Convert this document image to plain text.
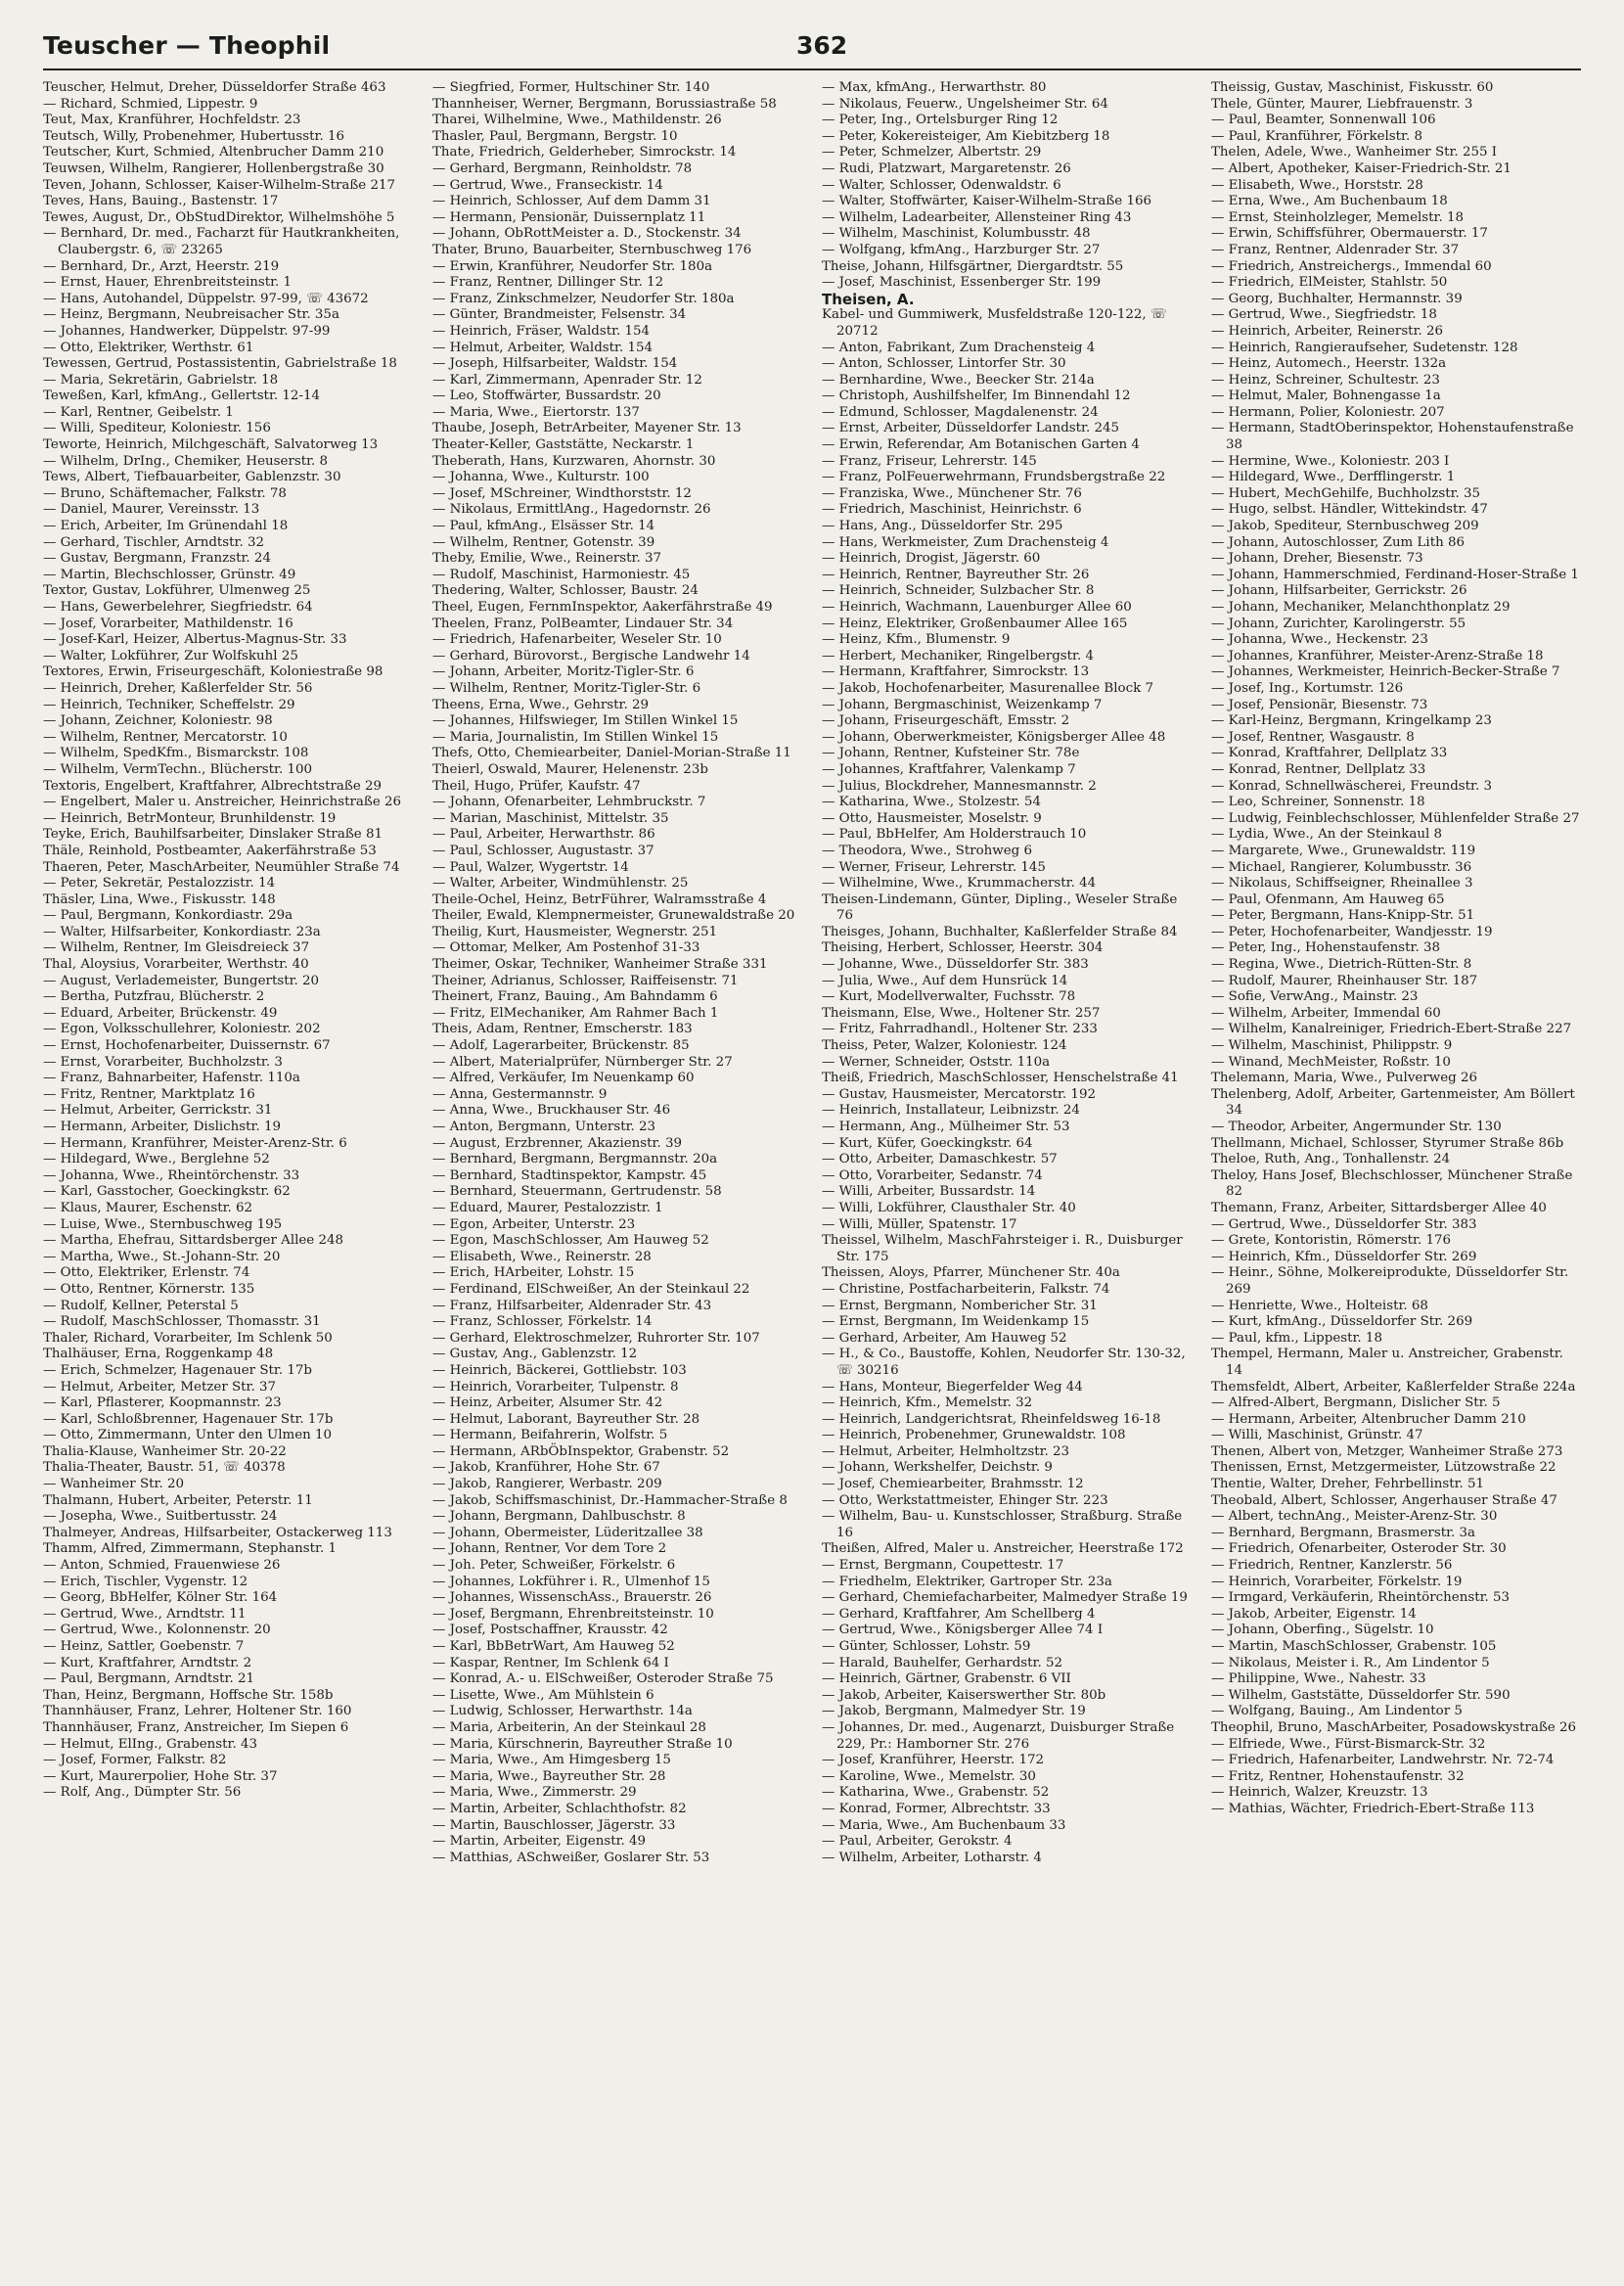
Teuscher — Theophil	362

Teuscher, Helmut, Dreher, Düsseldorfer Straße 463

— Richard, Schmied, Lippestr. 9

Teut, Max, Kranführer, Hochfeldstr. 23

Teutsch, Willy, Probenehmer, Hubertusstr. 16

Teutscher, Kurt, Schmied, Altenbrucher Damm 210

Teuwsen, Wilhelm, Rangierer, Hollenbergstraße 30

Teven, Johann, Schlosser, Kaiser-Wilhelm-Straße 217

Teves, Hans, Bauing., Bastenstr. 17

Tewes, August, Dr., ObStudDirektor, Wilhelmshöhe 5

— Bernhard, Dr. med., Facharzt für Hautkrankheiten, Claubergstr. 6, ☏ 23265

— Bernhard, Dr., Arzt, Heerstr. 219

— Ernst, Hauer, Ehrenbreitsteinstr. 1

— Hans, Autohandel, Düppelstr. 97-99, ☏ 43672

— Heinz, Bergmann, Neubreisacher Str. 35a

— Johannes, Handwerker, Düppelstr. 97-99

— Otto, Elektriker, Werthstr. 61

Tewessen, Gertrud, Postassistentin, Gabrielstraße 18

— Maria, Sekretärin, Gabrielstr. 18

Teweßen, Karl, kfmAng., Gellertstr. 12-14

— Karl, Rentner, Geibelstr. 1

— Willi, Spediteur, Koloniestr. 156

Teworte, Heinrich, Milchgeschäft, Salvatorweg 13

— Wilhelm, DrIng., Chemiker, Heuserstr. 8

Tews, Albert, Tiefbauarbeiter, Gablenzstr. 30

— Bruno, Schäftemacher, Falkstr. 78

— Daniel, Maurer, Vereinsstr. 13

— Erich, Arbeiter, Im Grünendahl 18

— Gerhard, Tischler, Arndtstr. 32

— Gustav, Bergmann, Franzstr. 24

— Martin, Blechschlosser, Grünstr. 49

Textor, Gustav, Lokführer, Ulmenweg 25

— Hans, Gewerbelehrer, Siegfriedstr. 64

— Josef, Vorarbeiter, Mathildenstr. 16

— Josef-Karl, Heizer, Albertus-Magnus-Str. 33

— Walter, Lokführer, Zur Wolfskuhl 25

Textores, Erwin, Friseurgeschäft, Koloniestraße 98

— Heinrich, Dreher, Kaßlerfelder Str. 56

— Heinrich, Techniker, Scheffelstr. 29

— Johann, Zeichner, Koloniestr. 98

— Wilhelm, Rentner, Mercatorstr. 10

— Wilhelm, SpedKfm., Bismarckstr. 108

— Wilhelm, VermTechn., Blücherstr. 100

Textoris, Engelbert, Kraftfahrer, Albrechtstraße 29

— Engelbert, Maler u. Anstreicher, Heinrichstraße 26

— Heinrich, BetrMonteur, Brunhildenstr. 19

Teyke, Erich, Bauhilfsarbeiter, Dinslaker Straße 81

Thäle, Reinhold, Postbeamter, Aakerfährstraße 53

Thaeren, Peter, MaschArbeiter, Neumühler Straße 74

— Peter, Sekretär, Pestalozzistr. 14

Thäsler, Lina, Wwe., Fiskusstr. 148

— Paul, Bergmann, Konkordiastr. 29a

— Walter, Hilfsarbeiter, Konkordiastr. 23a

— Wilhelm, Rentner, Im Gleisdreieck 37

Thal, Aloysius, Vorarbeiter, Werthstr. 40

— August, Verlademeister, Bungertstr. 20

— Bertha, Putzfrau, Blücherstr. 2

— Eduard, Arbeiter, Brückenstr. 49

— Egon, Volksschullehrer, Koloniestr. 202

— Ernst, Hochofenarbeiter, Duissernstr. 67

— Ernst, Vorarbeiter, Buchholzstr. 3

— Franz, Bahnarbeiter, Hafenstr. 110a

— Fritz, Rentner, Marktplatz 16

— Helmut, Arbeiter, Gerrickstr. 31

— Hermann, Arbeiter, Dislichstr. 19

— Hermann, Kranführer, Meister-Arenz-Str. 6

— Hildegard, Wwe., Berglehne 52

— Johanna, Wwe., Rheintörchenstr. 33

— Karl, Gasstocher, Goeckingkstr. 62

— Klaus, Maurer, Eschenstr. 62

— Luise, Wwe., Sternbuschweg 195

— Martha, Ehefrau, Sittardsberger Allee 248

— Martha, Wwe., St.-Johann-Str. 20

— Otto, Elektriker, Erlenstr. 74

— Otto, Rentner, Körnerstr. 135

— Rudolf, Kellner, Peterstal 5

— Rudolf, MaschSchlosser, Thomasstr. 31

Thaler, Richard, Vorarbeiter, Im Schlenk 50

Thalhäuser, Erna, Roggenkamp 48

— Erich, Schmelzer, Hagenauer Str. 17b

— Helmut, Arbeiter, Metzer Str. 37

— Karl, Pflasterer, Koopmannstr. 23

— Karl, Schloßbrenner, Hagenauer Str. 17b

— Otto, Zimmermann, Unter den Ulmen 10

Thalia-Klause, Wanheimer Str. 20-22

Thalia-Theater, Baustr. 51, ☏ 40378

— Wanheimer Str. 20

Thalmann, Hubert, Arbeiter, Peterstr. 11

— Josepha, Wwe., Suitbertusstr. 24

Thalmeyer, Andreas, Hilfsarbeiter, Ostackerweg 113

Thamm, Alfred, Zimmermann, Stephanstr. 1

— Anton, Schmied, Frauenwiese 26

— Erich, Tischler, Vygenstr. 12

— Georg, BbHelfer, Kölner Str. 164

— Gertrud, Wwe., Arndtstr. 11

— Gertrud, Wwe., Kolonnenstr. 20

— Heinz, Sattler, Goebenstr. 7

— Kurt, Kraftfahrer, Arndtstr. 2

— Paul, Bergmann, Arndtstr. 21

Than, Heinz, Bergmann, Hoffsche Str. 158b

Thannhäuser, Franz, Lehrer, Holtener Str. 160

Thannhäuser, Franz, Anstreicher, Im Siepen 6

— Helmut, ElIng., Grabenstr. 43

— Josef, Former, Falkstr. 82

— Kurt, Maurerpolier, Hohe Str. 37

— Rolf, Ang., Dümpter Str. 56

— Siegfried, Former, Hultschiner Str. 140

Thannheiser, Werner, Bergmann, Borussiastraße 58

Tharei, Wilhelmine, Wwe., Mathildenstr. 26

Thasler, Paul, Bergmann, Bergstr. 10

Thate, Friedrich, Gelderheber, Simrockstr. 14

— Gerhard, Bergmann, Reinholdstr. 78

— Gertrud, Wwe., Franseckistr. 14

— Heinrich, Schlosser, Auf dem Damm 31

— Hermann, Pensionär, Duissernplatz 11

— Johann, ObRottMeister a. D., Stockenstr. 34

Thater, Bruno, Bauarbeiter, Sternbuschweg 176

— Erwin, Kranführer, Neudorfer Str. 180a

— Franz, Rentner, Dillinger Str. 12

— Franz, Zinkschmelzer, Neudorfer Str. 180a

— Günter, Brandmeister, Felsenstr. 34

— Heinrich, Fräser, Waldstr. 154

— Helmut, Arbeiter, Waldstr. 154

— Joseph, Hilfsarbeiter, Waldstr. 154

— Karl, Zimmermann, Apenrader Str. 12

— Leo, Stoffwärter, Bussardstr. 20

— Maria, Wwe., Eiertorstr. 137

Thaube, Joseph, BetrArbeiter, Mayener Str. 13

Theater-Keller, Gaststätte, Neckarstr. 1

Theberath, Hans, Kurzwaren, Ahornstr. 30

— Johanna, Wwe., Kulturstr. 100

— Josef, MSchreiner, Windthorststr. 12

— Nikolaus, ErmittlAng., Hagedornstr. 26

— Paul, kfmAng., Elsässer Str. 14

— Wilhelm, Rentner, Gotenstr. 39

Theby, Emilie, Wwe., Reinerstr. 37

— Rudolf, Maschinist, Harmoniestr. 45

Thedering, Walter, Schlosser, Baustr. 24

Theel, Eugen, FernmInspektor, Aakerfährstraße 49

Theelen, Franz, PolBeamter, Lindauer Str. 34

— Friedrich, Hafenarbeiter, Weseler Str. 10

— Gerhard, Bürovorst., Bergische Landwehr 14

— Johann, Arbeiter, Moritz-Tigler-Str. 6

— Wilhelm, Rentner, Moritz-Tigler-Str. 6

Theens, Erna, Wwe., Gehrstr. 29

— Johannes, Hilfswieger, Im Stillen Winkel 15

— Maria, Journalistin, Im Stillen Winkel 15

Thefs, Otto, Chemiearbeiter, Daniel-Morian-Straße 11

Theierl, Oswald, Maurer, Helenenstr. 23b

Theil, Hugo, Prüfer, Kaufstr. 47

— Johann, Ofenarbeiter, Lehmbruckstr. 7

— Marian, Maschinist, Mittelstr. 35

— Paul, Arbeiter, Herwarthstr. 86

— Paul, Schlosser, Augustastr. 37

— Paul, Walzer, Wygertstr. 14

— Walter, Arbeiter, Windmühlenstr. 25

Theile-Ochel, Heinz, BetrFührer, Walramsstraße 4

Theiler, Ewald, Klempnermeister, Grunewaldstraße 20

Theilig, Kurt, Hausmeister, Wegnerstr. 251

— Ottomar, Melker, Am Postenhof 31-33

Theimer, Oskar, Techniker, Wanheimer Straße 331

Theiner, Adrianus, Schlosser, Raiffeisenstr. 71

Theinert, Franz, Bauing., Am Bahndamm 6

— Fritz, ElMechaniker, Am Rahmer Bach 1

Theis, Adam, Rentner, Emscherstr. 183

— Adolf, Lagerarbeiter, Brückenstr. 85

— Albert, Materialprüfer, Nürnberger Str. 27

— Alfred, Verkäufer, Im Neuenkamp 60

— Anna, Gestermannstr. 9

— Anna, Wwe., Bruckhauser Str. 46

— Anton, Bergmann, Unterstr. 23

— August, Erzbrenner, Akazienstr. 39

— Bernhard, Bergmann, Bergmannstr. 20a

— Bernhard, Stadtinspektor, Kampstr. 45

— Bernhard, Steuermann, Gertrudenstr. 58

— Eduard, Maurer, Pestalozzistr. 1

— Egon, Arbeiter, Unterstr. 23

— Egon, MaschSchlosser, Am Hauweg 52

— Elisabeth, Wwe., Reinerstr. 28

— Erich, HArbeiter, Lohstr. 15

— Ferdinand, ElSchweißer, An der Steinkaul 22

— Franz, Hilfsarbeiter, Aldenrader Str. 43

— Franz, Schlosser, Förkelstr. 14

— Gerhard, Elektroschmelzer, Ruhrorter Str. 107

— Gustav, Ang., Gablenzstr. 12

— Heinrich, Bäckerei, Gottliebstr. 103

— Heinrich, Vorarbeiter, Tulpenstr. 8

— Heinz, Arbeiter, Alsumer Str. 42

— Helmut, Laborant, Bayreuther Str. 28

— Hermann, Beifahrerin, Wolfstr. 5

— Hermann, ARbÖbInspektor, Grabenstr. 52

— Jakob, Kranführer, Hohe Str. 67

— Jakob, Rangierer, Werbastr. 209

— Jakob, Schiffsmaschinist, Dr.-Hammacher-Straße 8

— Johann, Bergmann, Dahlbuschstr. 8

— Johann, Obermeister, Lüderitzallee 38

— Johann, Rentner, Vor dem Tore 2

— Joh. Peter, Schweißer, Förkelstr. 6

— Johannes, Lokführer i. R., Ulmenhof 15

— Johannes, WissenschAss., Brauerstr. 26

— Josef, Bergmann, Ehrenbreitsteinstr. 10

— Josef, Postschaffner, Krausstr. 42

— Karl, BbBetrWart, Am Hauweg 52

— Kaspar, Rentner, Im Schlenk 64 I

— Konrad, A.- u. ElSchweißer, Osteroder Straße 75

— Lisette, Wwe., Am Mühlstein 6

— Ludwig, Schlosser, Herwarthstr. 14a

— Maria, Arbeiterin, An der Steinkaul 28

— Maria, Kürschnerin, Bayreuther Straße 10

— Maria, Wwe., Am Himgesberg 15

— Maria, Wwe., Bayreuther Str. 28

— Maria, Wwe., Zimmerstr. 29

— Martin, Arbeiter, Schlachthofstr. 82

— Martin, Bauschlosser, Jägerstr. 33

— Martin, Arbeiter, Eigenstr. 49

— Matthias, ASchweißer, Goslarer Str. 53

— Max, kfmAng., Herwarthstr. 80

— Nikolaus, Feuerw., Ungelsheimer Str. 64

— Peter, Ing., Ortelsburger Ring 12

— Peter, Kokereisteiger, Am Kiebitzberg 18

— Peter, Schmelzer, Albertstr. 29

— Rudi, Platzwart, Margaretenstr. 26

— Walter, Schlosser, Odenwaldstr. 6

— Walter, Stoffwärter, Kaiser-Wilhelm-Straße 166

— Wilhelm, Ladearbeiter, Allensteiner Ring 43

— Wilhelm, Maschinist, Kolumbusstr. 48

— Wolfgang, kfmAng., Harzburger Str. 27

Theise, Johann, Hilfsgärtner, Diergardtstr. 55

— Josef, Maschinist, Essenberger Str. 199

Theisen, A.

Kabel- und Gummiwerk, Musfeldstraße 120-122, ☏ 20712

— Anton, Fabrikant, Zum Drachensteig 4

— Anton, Schlosser, Lintorfer Str. 30

— Bernhardine, Wwe., Beecker Str. 214a

— Christoph, Aushilfshelfer, Im Binnendahl 12

— Edmund, Schlosser, Magdalenenstr. 24

— Ernst, Arbeiter, Düsseldorfer Landstr. 245

— Erwin, Referendar, Am Botanischen Garten 4

— Franz, Friseur, Lehrerstr. 145

— Franz, PolFeuerwehrmann, Frundsbergstraße 22

— Franziska, Wwe., Münchener Str. 76

— Friedrich, Maschinist, Heinrichstr. 6

— Hans, Ang., Düsseldorfer Str. 295

— Hans, Werkmeister, Zum Drachensteig 4

— Heinrich, Drogist, Jägerstr. 60

— Heinrich, Rentner, Bayreuther Str. 26

— Heinrich, Schneider, Sulzbacher Str. 8

— Heinrich, Wachmann, Lauenburger Allee 60

— Heinz, Elektriker, Großenbaumer Allee 165

— Heinz, Kfm., Blumenstr. 9

— Herbert, Mechaniker, Ringelbergstr. 4

— Hermann, Kraftfahrer, Simrockstr. 13

— Jakob, Hochofenarbeiter, Masurenallee Block 7

— Johann, Bergmaschinist, Weizenkamp 7

— Johann, Friseurgeschäft, Emsstr. 2

— Johann, Oberwerkmeister, Königsberger Allee 48

— Johann, Rentner, Kufsteiner Str. 78e

— Johannes, Kraftfahrer, Valenkamp 7

— Julius, Blockdreher, Mannesmannstr. 2

— Katharina, Wwe., Stolzestr. 54

— Otto, Hausmeister, Moselstr. 9

— Paul, BbHelfer, Am Holderstrauch 10

— Theodora, Wwe., Strohweg 6

— Werner, Friseur, Lehrerstr. 145

— Wilhelmine, Wwe., Krummacherstr. 44

Theisen-Lindemann, Günter, Dipling., Weseler Straße 76

Theisges, Johann, Buchhalter, Kaßlerfelder Straße 84

Theising, Herbert, Schlosser, Heerstr. 304

— Johanne, Wwe., Düsseldorfer Str. 383

— Julia, Wwe., Auf dem Hunsrück 14

— Kurt, Modellverwalter, Fuchsstr. 78

Theismann, Else, Wwe., Holtener Str. 257

— Fritz, Fahrradhandl., Holtener Str. 233

Theiss, Peter, Walzer, Koloniestr. 124

— Werner, Schneider, Oststr. 110a

Theiß, Friedrich, MaschSchlosser, Henschelstraße 41

— Gustav, Hausmeister, Mercatorstr. 192

— Heinrich, Installateur, Leibnizstr. 24

— Hermann, Ang., Mülheimer Str. 53

— Kurt, Küfer, Goeckingkstr. 64

— Otto, Arbeiter, Damaschkestr. 57

— Otto, Vorarbeiter, Sedanstr. 74

— Willi, Arbeiter, Bussardstr. 14

— Willi, Lokführer, Clausthaler Str. 40

— Willi, Müller, Spatenstr. 17

Theissel, Wilhelm, MaschFahrsteiger i. R., Duisburger Str. 175

Theissen, Aloys, Pfarrer, Münchener Str. 40a

— Christine, Postfacharbeiterin, Falkstr. 74

— Ernst, Bergmann, Nombericher Str. 31

— Ernst, Bergmann, Im Weidenkamp 15

— Gerhard, Arbeiter, Am Hauweg 52

— H., & Co., Baustoffe, Kohlen, Neudorfer Str. 130-32, ☏ 30216

— Hans, Monteur, Biegerfelder Weg 44

— Heinrich, Kfm., Memelstr. 32

— Heinrich, Landgerichtsrat, Rheinfeldsweg 16-18

— Heinrich, Probenehmer, Grunewaldstr. 108

— Helmut, Arbeiter, Helmholtzstr. 23

— Johann, Werkshelfer, Deichstr. 9

— Josef, Chemiearbeiter, Brahmsstr. 12

— Otto, Werkstattmeister, Ehinger Str. 223

— Wilhelm, Bau- u. Kunstschlosser, Straßburg. Straße 16

Theißen, Alfred, Maler u. Anstreicher, Heerstraße 172

— Ernst, Bergmann, Coupettestr. 17

— Friedhelm, Elektriker, Gartroper Str. 23a

— Gerhard, Chemiefacharbeiter, Malmedyer Straße 19

— Gerhard, Kraftfahrer, Am Schellberg 4

— Gertrud, Wwe., Königsberger Allee 74 I

— Günter, Schlosser, Lohstr. 59

— Harald, Bauhelfer, Gerhardstr. 52

— Heinrich, Gärtner, Grabenstr. 6 VII

— Jakob, Arbeiter, Kaiserswerther Str. 80b

— Jakob, Bergmann, Malmedyer Str. 19

— Johannes, Dr. med., Augenarzt, Duisburger Straße 229, Pr.: Hamborner Str. 276

— Josef, Kranführer, Heerstr. 172

— Karoline, Wwe., Memelstr. 30

— Katharina, Wwe., Grabenstr. 52

— Konrad, Former, Albrechtstr. 33

— Maria, Wwe., Am Buchenbaum 33

— Paul, Arbeiter, Gerokstr. 4

— Wilhelm, Arbeiter, Lotharstr. 4

Theissig, Gustav, Maschinist, Fiskusstr. 60

Thele, Günter, Maurer, Liebfrauenstr. 3

— Paul, Beamter, Sonnenwall 106

— Paul, Kranführer, Förkelstr. 8

Thelen, Adele, Wwe., Wanheimer Str. 255 I

— Albert, Apotheker, Kaiser-Friedrich-Str. 21

— Elisabeth, Wwe., Horststr. 28

— Erna, Wwe., Am Buchenbaum 18

— Ernst, Steinholzleger, Memelstr. 18

— Erwin, Schiffsführer, Obermauerstr. 17

— Franz, Rentner, Aldenrader Str. 37

— Friedrich, Anstreichergs., Immendal 60

— Friedrich, ElMeister, Stahlstr. 50

— Georg, Buchhalter, Hermannstr. 39

— Gertrud, Wwe., Siegfriedstr. 18

— Heinrich, Arbeiter, Reinerstr. 26

— Heinrich, Rangieraufseher, Sudetenstr. 128

— Heinz, Automech., Heerstr. 132a

— Heinz, Schreiner, Schultestr. 23

— Helmut, Maler, Bohnengasse 1a

— Hermann, Polier, Koloniestr. 207

— Hermann, StadtOberinspektor, Hohenstaufenstraße 38

— Hermine, Wwe., Koloniestr. 203 I

— Hildegard, Wwe., Derfflingerstr. 1

— Hubert, MechGehilfe, Buchholzstr. 35

— Hugo, selbst. Händler, Wittekindstr. 47

— Jakob, Spediteur, Sternbuschweg 209

— Johann, Autoschlosser, Zum Lith 86

— Johann, Dreher, Biesenstr. 73

— Johann, Hammerschmied, Ferdinand-Hoser-Straße 1

— Johann, Hilfsarbeiter, Gerrickstr. 26

— Johann, Mechaniker, Melanchthonplatz 29

— Johann, Zurichter, Karolingerstr. 55

— Johanna, Wwe., Heckenstr. 23

— Johannes, Kranführer, Meister-Arenz-Straße 18

— Johannes, Werkmeister, Heinrich-Becker-Straße 7

— Josef, Ing., Kortumstr. 126

— Josef, Pensionär, Biesenstr. 73

— Karl-Heinz, Bergmann, Kringelkamp 23

— Josef, Rentner, Wasgaustr. 8

— Konrad, Kraftfahrer, Dellplatz 33

— Konrad, Rentner, Dellplatz 33

— Konrad, Schnellwäscherei, Freundstr. 3

— Leo, Schreiner, Sonnenstr. 18

— Ludwig, Feinblechschlosser, Mühlenfelder Straße 27

— Lydia, Wwe., An der Steinkaul 8

— Margarete, Wwe., Grunewaldstr. 119

— Michael, Rangierer, Kolumbusstr. 36

— Nikolaus, Schiffseigner, Rheinallee 3

— Paul, Ofenmann, Am Hauweg 65

— Peter, Bergmann, Hans-Knipp-Str. 51

— Peter, Hochofenarbeiter, Wandjesstr. 19

— Peter, Ing., Hohenstaufenstr. 38

— Regina, Wwe., Dietrich-Rütten-Str. 8

— Rudolf, Maurer, Rheinhauser Str. 187

— Sofie, VerwAng., Mainstr. 23

— Wilhelm, Arbeiter, Immendal 60

— Wilhelm, Kanalreiniger, Friedrich-Ebert-Straße 227

— Wilhelm, Maschinist, Philippstr. 9

— Winand, MechMeister, Roßstr. 10

Thelemann, Maria, Wwe., Pulverweg 26

Thelenberg, Adolf, Arbeiter, Gartenmeister, Am Böllert 34

— Theodor, Arbeiter, Angermunder Str. 130

Thellmann, Michael, Schlosser, Styrumer Straße 86b

Theloe, Ruth, Ang., Tonhallenstr. 24

Theloy, Hans Josef, Blechschlosser, Münchener Straße 82

Themann, Franz, Arbeiter, Sittardsberger Allee 40

— Gertrud, Wwe., Düsseldorfer Str. 383

— Grete, Kontoristin, Römerstr. 176

— Heinrich, Kfm., Düsseldorfer Str. 269

— Heinr., Söhne, Molkereiprodukte, Düsseldorfer Str. 269

— Henriette, Wwe., Holteistr. 68

— Kurt, kfmAng., Düsseldorfer Str. 269

— Paul, kfm., Lippestr. 18

Thempel, Hermann, Maler u. Anstreicher, Grabenstr. 14

Themsfeldt, Albert, Arbeiter, Kaßlerfelder Straße 224a

— Alfred-Albert, Bergmann, Dislicher Str. 5

— Hermann, Arbeiter, Altenbrucher Damm 210

— Willi, Maschinist, Grünstr. 47

Thenen, Albert von, Metzger, Wanheimer Straße 273

Thenissen, Ernst, Metzgermeister, Lützowstraße 22

Thentie, Walter, Dreher, Fehrbellinstr. 51

Theobald, Albert, Schlosser, Angerhauser Straße 47

— Albert, technAng., Meister-Arenz-Str. 30

— Bernhard, Bergmann, Brasmerstr. 3a

— Friedrich, Ofenarbeiter, Osteroder Str. 30

— Friedrich, Rentner, Kanzlerstr. 56

— Heinrich, Vorarbeiter, Förkelstr. 19

— Irmgard, Verkäuferin, Rheintörchenstr. 53

— Jakob, Arbeiter, Eigenstr. 14

— Johann, Oberfing., Sügelstr. 10

— Martin, MaschSchlosser, Grabenstr. 105

— Nikolaus, Meister i. R., Am Lindentor 5

— Philippine, Wwe., Nahestr. 33

— Wilhelm, Gaststätte, Düsseldorfer Str. 590

— Wolfgang, Bauing., Am Lindentor 5

Theophil, Bruno, MaschArbeiter, Posadowskystraße 26

— Elfriede, Wwe., Fürst-Bismarck-Str. 32

— Friedrich, Hafenarbeiter, Landwehrstr. Nr. 72-74

— Fritz, Rentner, Hohenstaufenstr. 32

— Heinrich, Walzer, Kreuzstr. 13

— Mathias, Wächter, Friedrich-Ebert-Straße 113
